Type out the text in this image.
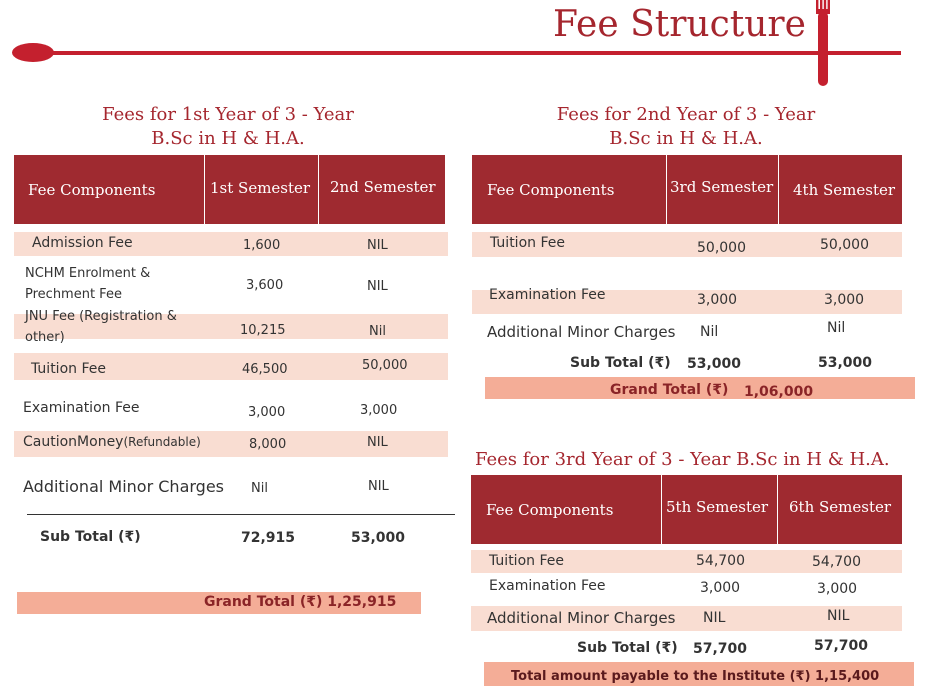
Fee Structure
Fees for 1st Year of 3 - Year
B.Sc in H & H.A.
Fee Components	1st Semester 2nd Semester
Admission Fee	1,600	NIL
NCHM Enrolment &
Prechment Fee
3,600	NIL
JNU Fee (Registration &
other)	10,215	Nil
Tuition Fee	46,500	50,000
Examination Fee	3,000	3,000
CautionMoney(Refundable)	8,000	NIL
Additional Minor Charges Nil	NIL
Sub Total (₹)	72,915	53,000
Grand Total (₹) 1,25,915
Fees for 2nd Year of 3 - Year
B.Sc in H & H.A.
Fee Components	3rd Semester 4th Semester
Tuition Fee	50,000	50,000
Examination Fee	3,000	3,000
Additional Minor Charges Nil	Nil
Sub Total (₹) 53,000	53,000
Grand Total (₹) 1,06,000
Fees for 3rd Year of 3 - Year B.Sc in H & H.A.
Fee Components	5th Semester 6th Semester
Tuition Fee	54,700	54,700
Examination Fee	3,000	3,000
Additional Minor Charges NIL	NIL
Sub Total (₹) 57,700	57,700
Total amount payable to the Institute (₹) 1,15,400
